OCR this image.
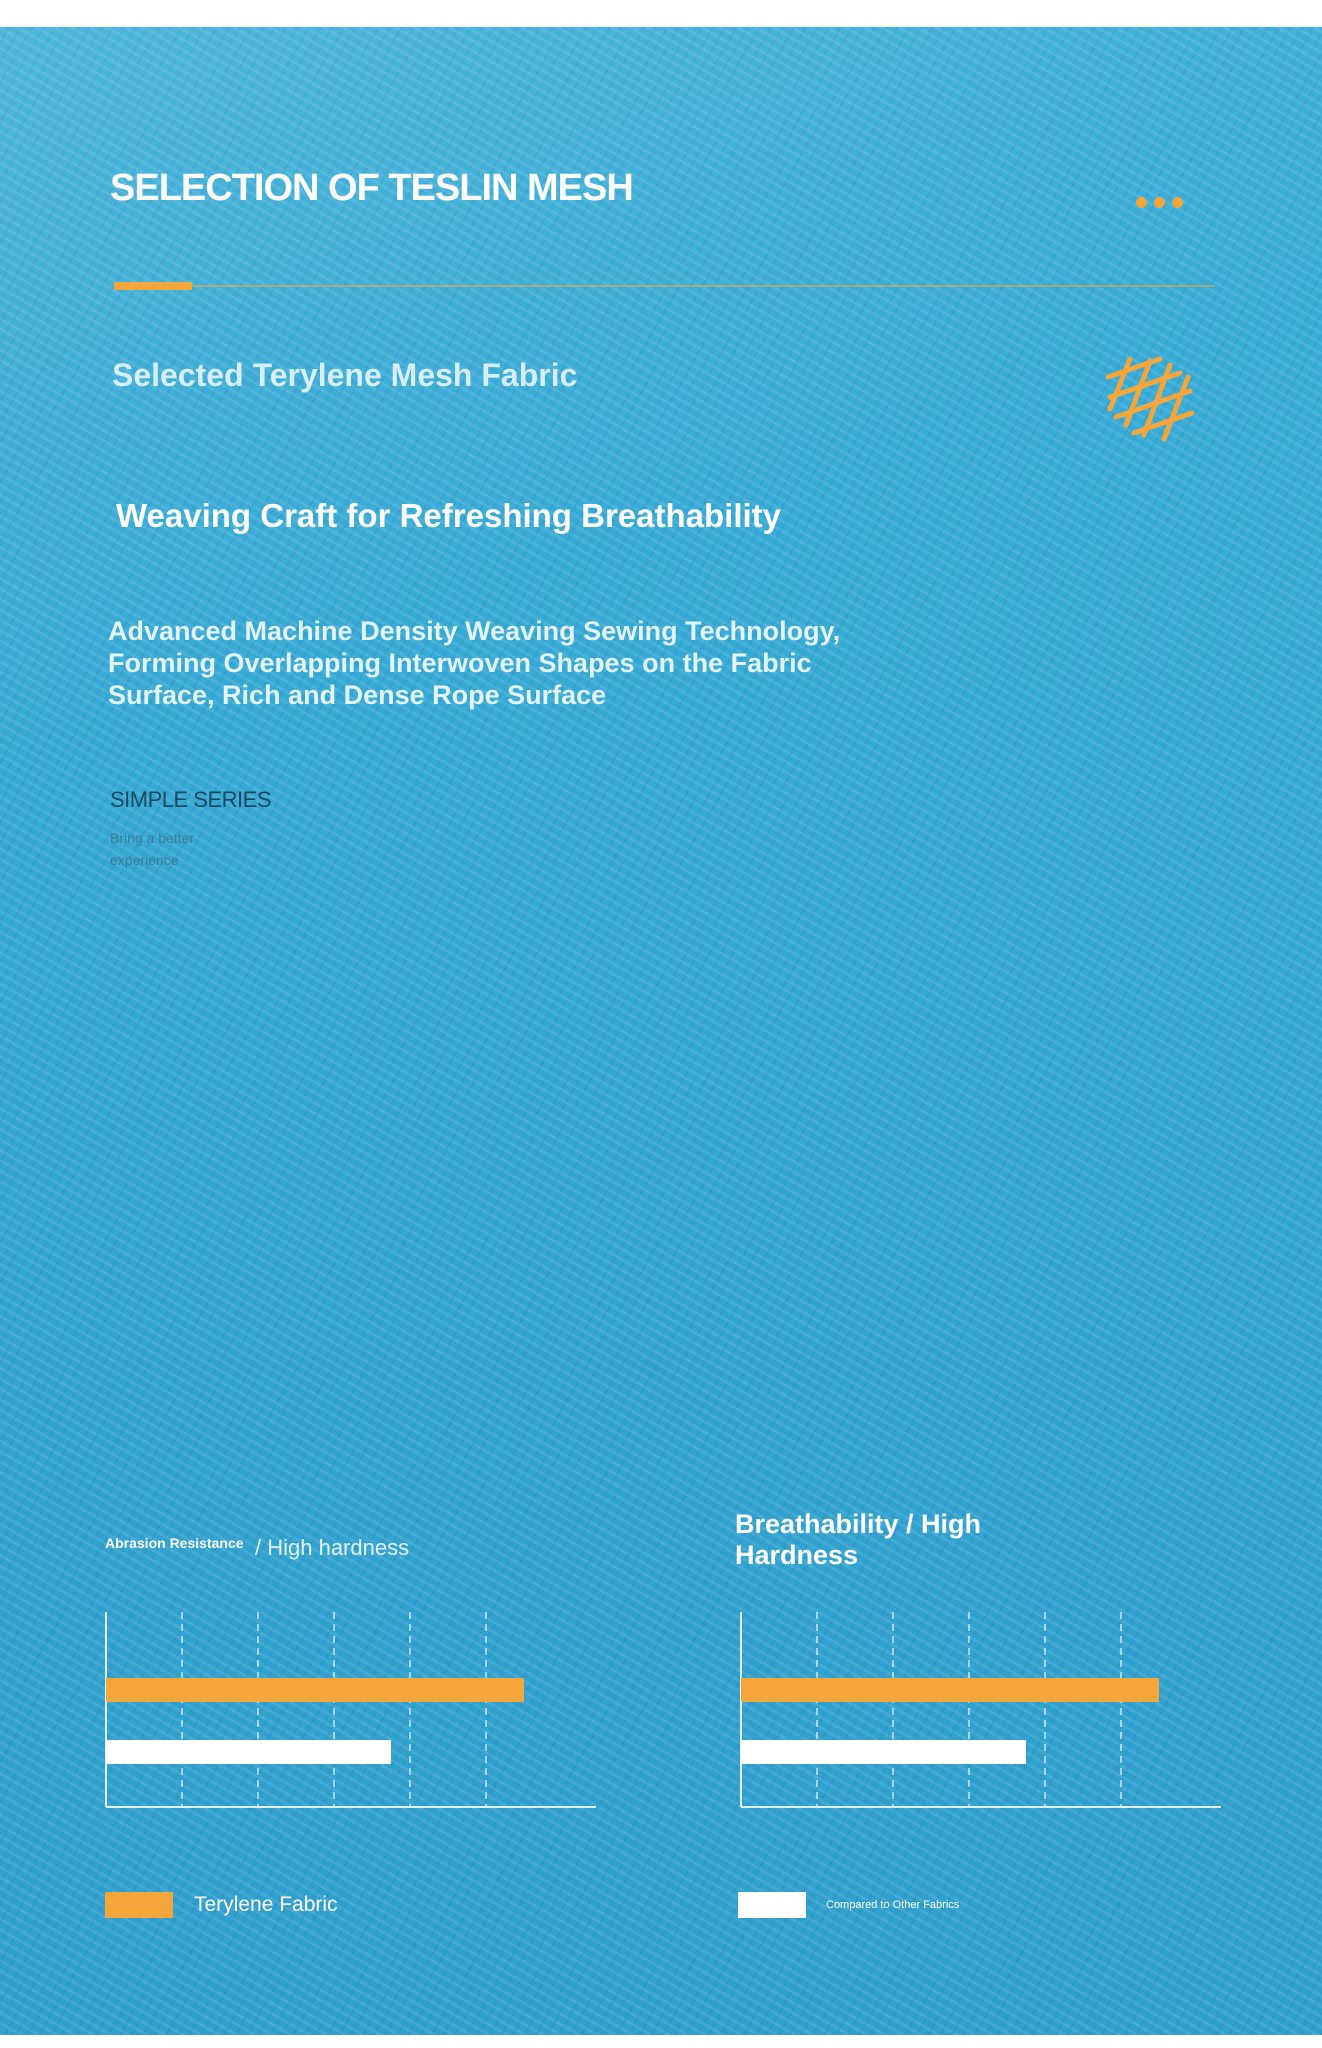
SELECTION OF TESLIN MESH
Selected Terylene Mesh Fabric
Weaving Craft for Refreshing Breathability
Advanced Machine Density Weaving Sewing Technology, Forming Overlapping Interwoven Shapes on the Fabric Surface, Rich and Dense Rope Surface
SIMPLE SERIES
Bring a better experience
Abrasion Resistance / High hardness
Breathability / High Hardness
Terylene Fabric	Compared to Other Fabrics
